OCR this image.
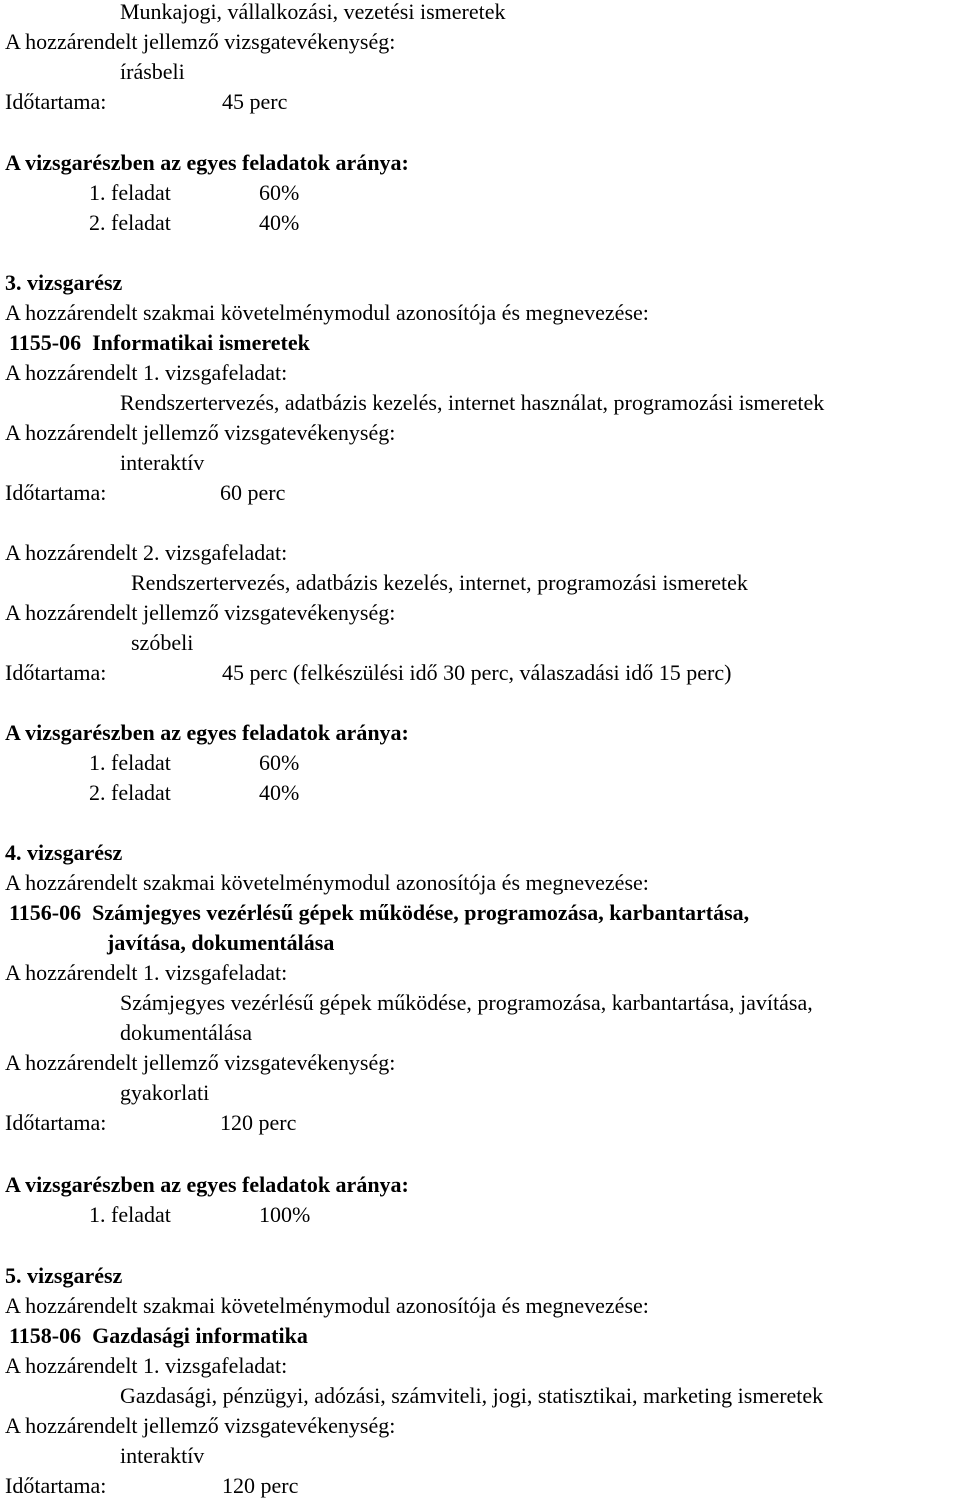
Munkajogi, vállalkozási, vezetési ismeretek
A hozzárendelt jellemző vizsgatevékenység:
írásbeli
Időtartama:	45 perc
A vizsgarészben az egyes feladatok aránya:
1. feladat	60%
2. feladat	40%
3. vizsgarész
A hozzárendelt szakmai követelménymodul azonosítója és megnevezése:
1155-06  Informatikai ismeretek
A hozzárendelt 1. vizsgafeladat:
Rendszertervezés, adatbázis kezelés, internet használat, programozási ismeretek
A hozzárendelt jellemző vizsgatevékenység:
interaktív
Időtartama:	60 perc
A hozzárendelt 2. vizsgafeladat:
Rendszertervezés, adatbázis kezelés, internet, programozási ismeretek
A hozzárendelt jellemző vizsgatevékenység:
szóbeli
Időtartama:	45 perc (felkészülési idő 30 perc, válaszadási idő 15 perc)
A vizsgarészben az egyes feladatok aránya:
1. feladat	60%
2. feladat	40%
4. vizsgarész
A hozzárendelt szakmai követelménymodul azonosítója és megnevezése:
1156-06  Számjegyes vezérlésű gépek működése, programozása, karbantartása,
javítása, dokumentálása
A hozzárendelt 1. vizsgafeladat:
Számjegyes vezérlésű gépek működése, programozása, karbantartása, javítása,
dokumentálása
A hozzárendelt jellemző vizsgatevékenység:
gyakorlati
Időtartama:	120 perc
A vizsgarészben az egyes feladatok aránya:
1. feladat	100%
5. vizsgarész
A hozzárendelt szakmai követelménymodul azonosítója és megnevezése:
1158-06  Gazdasági informatika
A hozzárendelt 1. vizsgafeladat:
Gazdasági, pénzügyi, adózási, számviteli, jogi, statisztikai, marketing ismeretek
A hozzárendelt jellemző vizsgatevékenység:
interaktív
Időtartama:	120 perc
